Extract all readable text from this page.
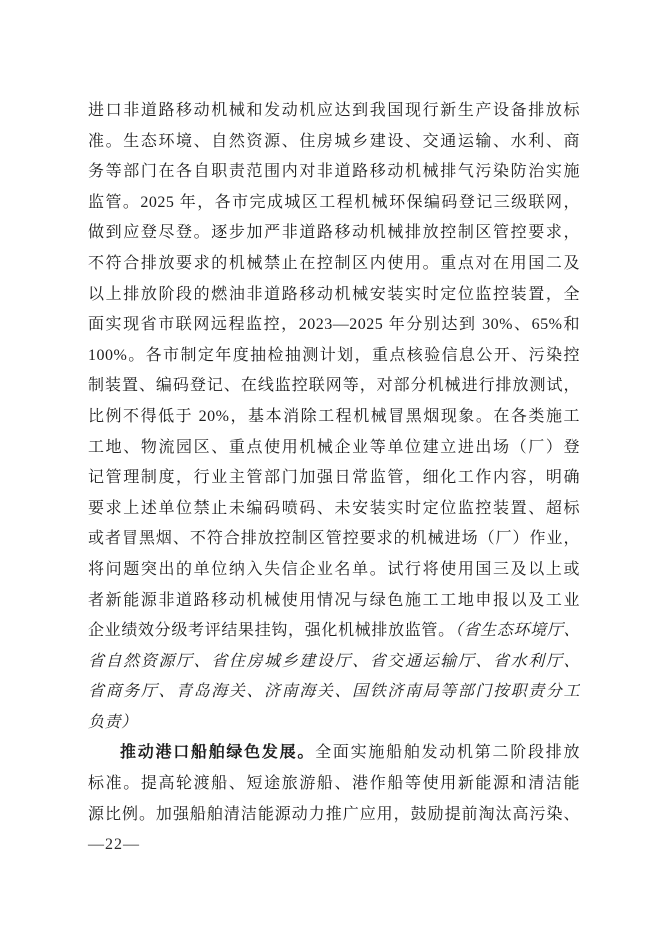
进口非道路移动机械和发动机应达到我国现行新生产设备排放标
准。生态环境、自然资源、住房城乡建设、交通运输、水利、商
务等部门在各自职责范围内对非道路移动机械排气污染防治实施
监管。2025 年，各市完成城区工程机械环保编码登记三级联网，
做到应登尽登。逐步加严非道路移动机械排放控制区管控要求，
不符合排放要求的机械禁止在控制区内使用。重点对在用国二及
以上排放阶段的燃油非道路移动机械安装实时定位监控装置，全
面实现省市联网远程监控，2023—2025 年分别达到 30%、65%和
100%。各市制定年度抽检抽测计划，重点核验信息公开、污染控
制装置、编码登记、在线监控联网等，对部分机械进行排放测试，
比例不得低于 20%，基本消除工程机械冒黑烟现象。在各类施工
工地、物流园区、重点使用机械企业等单位建立进出场（厂）登
记管理制度，行业主管部门加强日常监管，细化工作内容，明确
要求上述单位禁止未编码喷码、未安装实时定位监控装置、超标
或者冒黑烟、不符合排放控制区管控要求的机械进场（厂）作业，
将问题突出的单位纳入失信企业名单。试行将使用国三及以上或
者新能源非道路移动机械使用情况与绿色施工工地申报以及工业
企业绩效分级考评结果挂钩，强化机械排放监管。（省生态环境厅、
省自然资源厅、省住房城乡建设厅、省交通运输厅、省水利厅、
省商务厅、青岛海关、济南海关、国铁济南局等部门按职责分工
负责）
推动港口船舶绿色发展。全面实施船舶发动机第二阶段排放
标准。提高轮渡船、短途旅游船、港作船等使用新能源和清洁能
源比例。加强船舶清洁能源动力推广应用，鼓励提前淘汰高污染、
—22—
